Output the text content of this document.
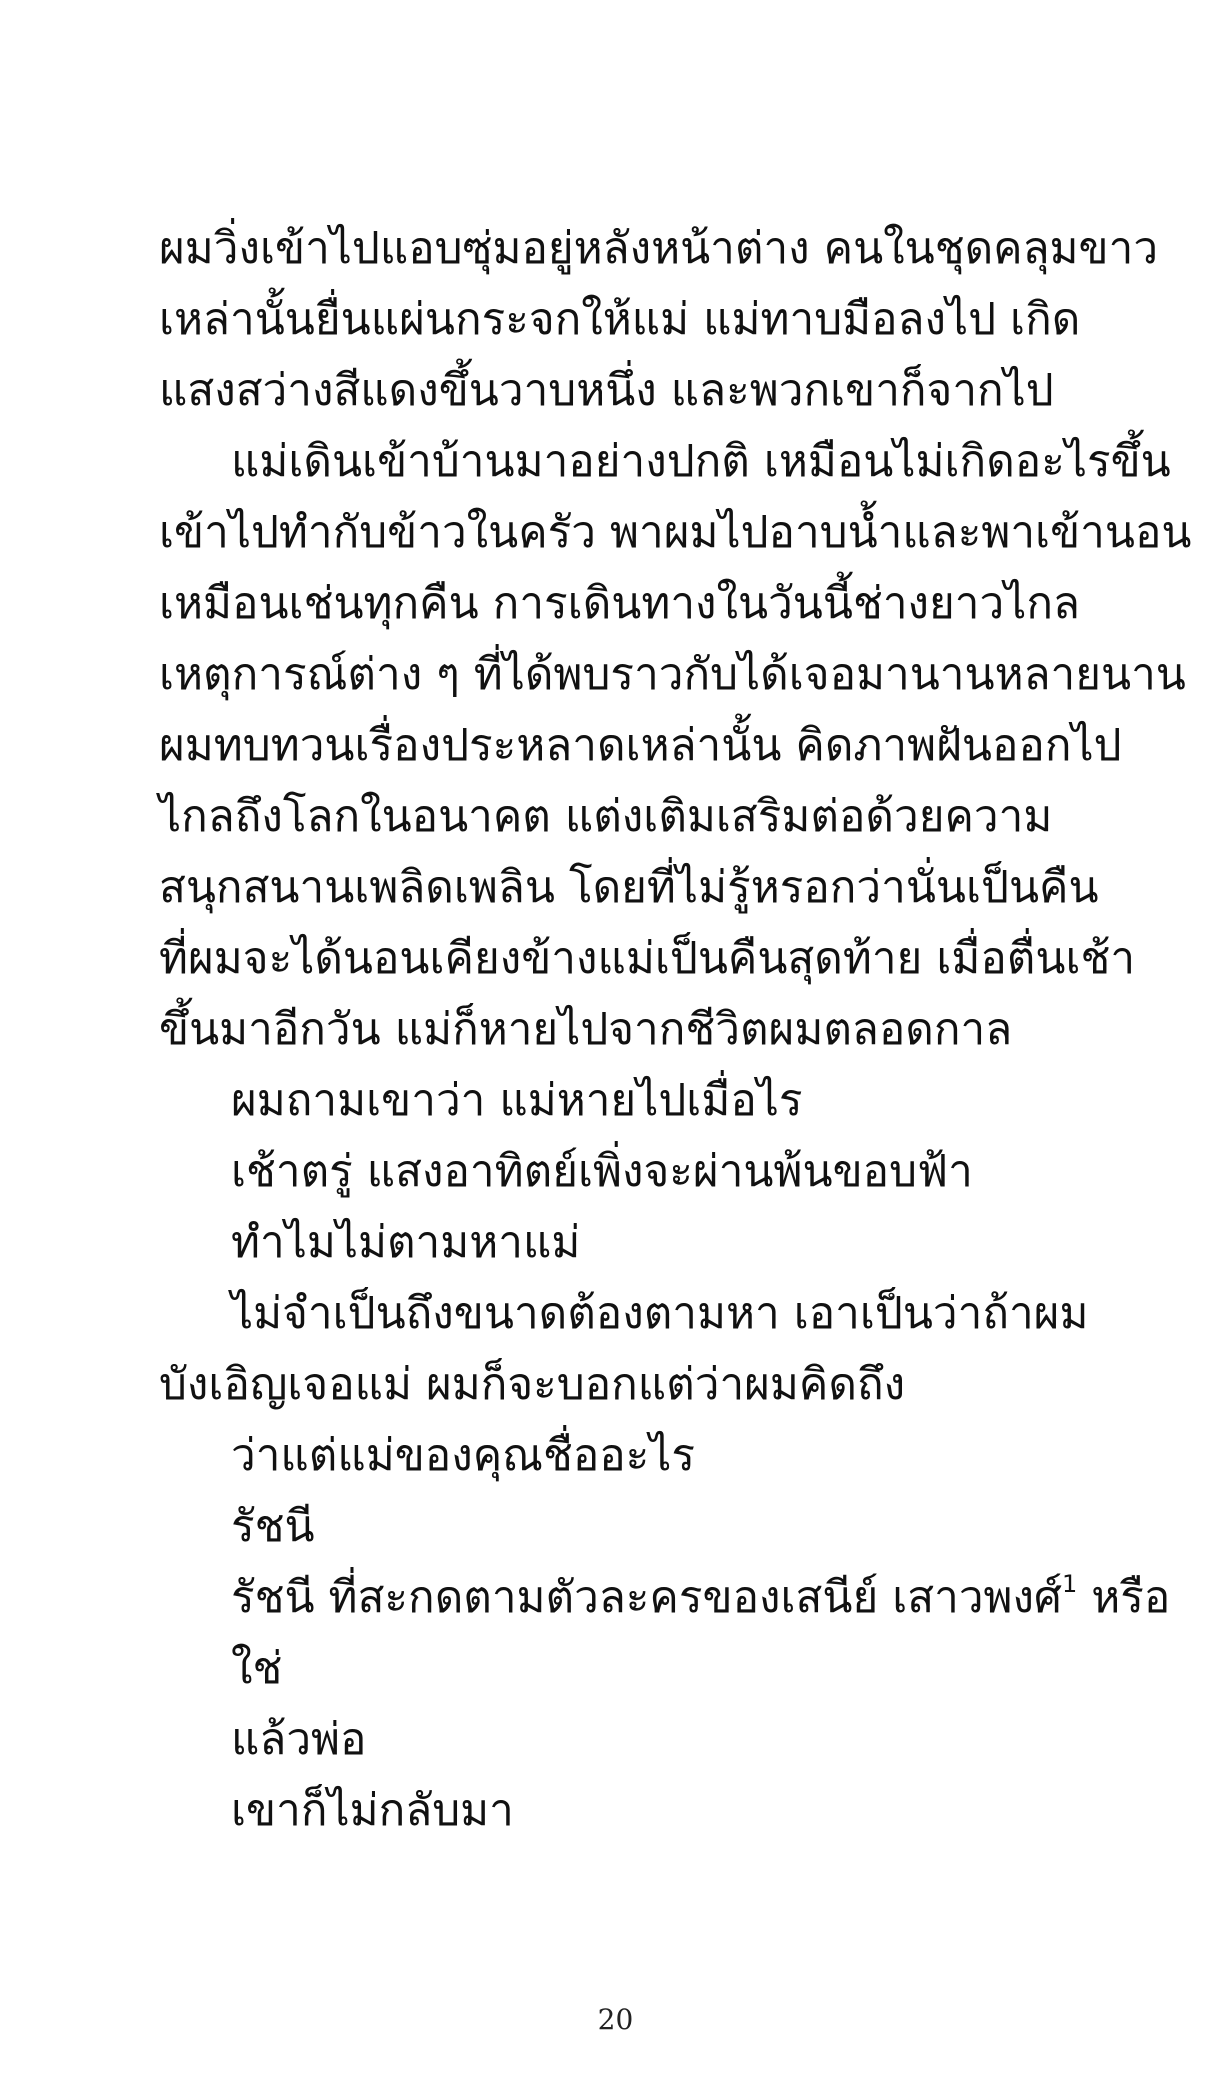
ผมวิ่งเข้าไปแอบซุ่มอยู่หลังหน้าต่าง คนในชุดคลุมขาว
เหล่านั้นยื่นแผ่นกระจกให้แม่ แม่ทาบมือลงไป เกิด
แสงสว่างสีแดงขึ้นวาบหนึ่ง และพวกเขาก็จากไป
แม่เดินเข้าบ้านมาอย่างปกติ เหมือนไม่เกิดอะไรขึ้น
เข้าไปทำกับข้าวในครัว พาผมไปอาบน้ำและพาเข้านอน
เหมือนเช่นทุกคืน การเดินทางในวันนี้ช่างยาวไกล
เหตุการณ์ต่าง ๆ ที่ได้พบราวกับได้เจอมานานหลายนาน
ผมทบทวนเรื่องประหลาดเหล่านั้น คิดภาพฝันออกไป
ไกลถึงโลกในอนาคต แต่งเติมเสริมต่อด้วยความ
สนุกสนานเพลิดเพลิน โดยที่ไม่รู้หรอกว่านั่นเป็นคืน
ที่ผมจะได้นอนเคียงข้างแม่เป็นคืนสุดท้าย เมื่อตื่นเช้า
ขึ้นมาอีกวัน แม่ก็หายไปจากชีวิตผมตลอดกาล
ผมถามเขาว่า แม่หายไปเมื่อไร
เช้าตรู่ แสงอาทิตย์เพิ่งจะผ่านพ้นขอบฟ้า
ทำไมไม่ตามหาแม่
ไม่จำเป็นถึงขนาดต้องตามหา เอาเป็นว่าถ้าผม
บังเอิญเจอแม่ ผมก็จะบอกแต่ว่าผมคิดถึง
ว่าแต่แม่ของคุณชื่ออะไร
รัชนี
รัชนี ที่สะกดตามตัวละครของเสนีย์ เสาวพงศ์$^1$ หรือ
ใช่
แล้วพ่อ
เขาก็ไม่กลับมา
20
